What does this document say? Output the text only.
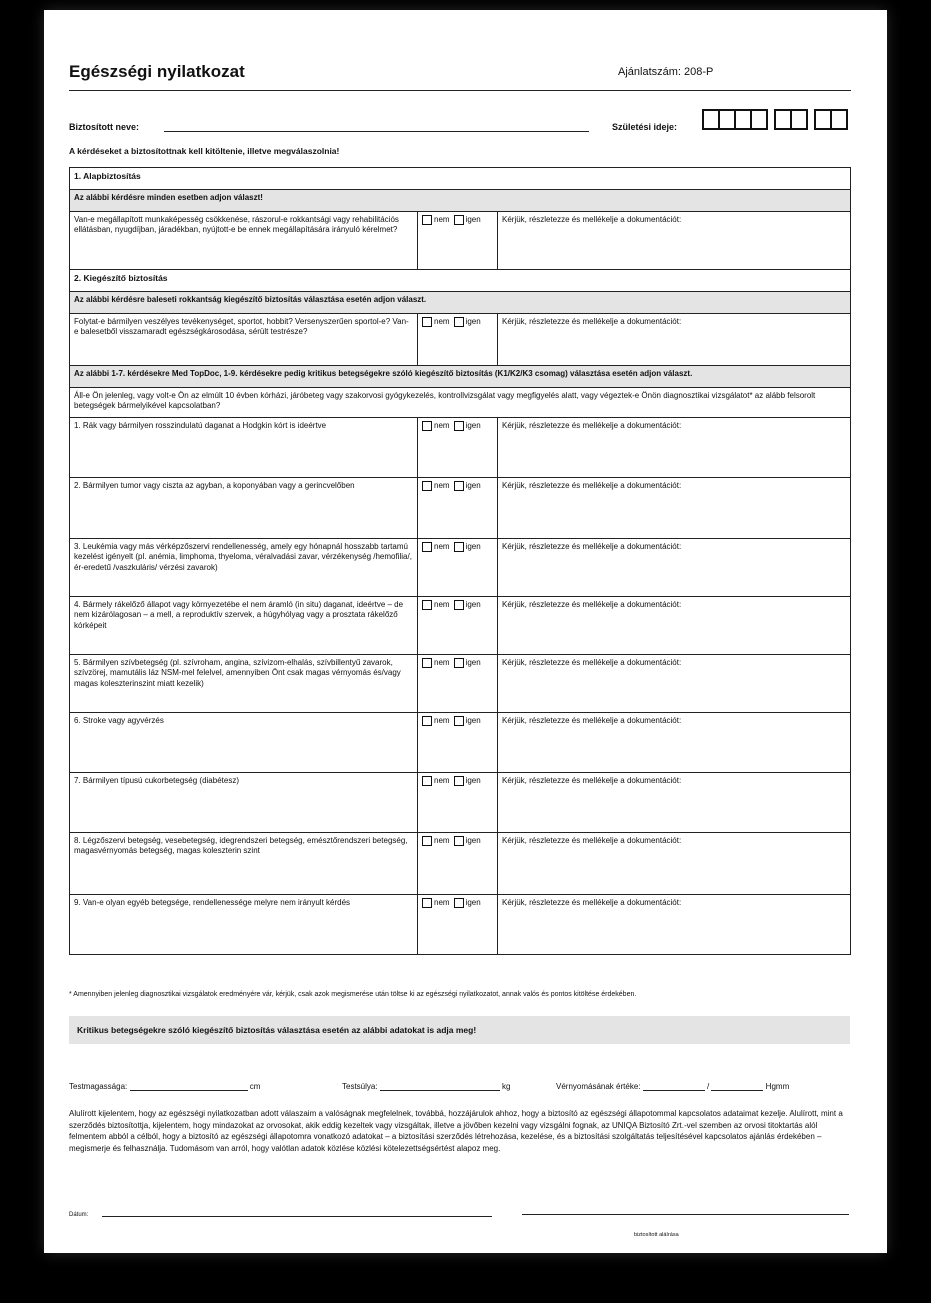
Egészségi nyilatkozat	Ajánlatszám: 208-P
Biztosított neve:	Születési ideje:
A kérdéseket a biztosítottnak kell kitöltenie, illetve megválaszolnia!
1. Alapbiztosítás		
Az alábbi kérdésre minden esetben adjon választ!		
Van-e megállapított munkaképesség csökkenése, rászorul-e rokkantsági vagy rehabilitációs ellátásban, nyugdíjban, járadékban, nyújtott-e be ennek megállapítására irányuló kérelmet?	nem igen	Kérjük, részletezze és mellékelje a dokumentációt:
2. Kiegészítő biztosítás		
Az alábbi kérdésre baleseti rokkantság kiegészítő biztosítás választása esetén adjon választ.		
Folytat-e bármilyen veszélyes tevékenységet, sportot, hobbit? Versenyszerűen sportol-e? Van-e balesetből visszamaradt egészségkárosodása, sérült testrésze?	nem igen	Kérjük, részletezze és mellékelje a dokumentációt:
Az alábbi 1-7. kérdésekre Med TopDoc, 1-9. kérdésekre pedig kritikus betegségekre szóló kiegészítő biztosítás (K1/K2/K3 csomag) választása esetén adjon választ.		
Áll-e Ön jelenleg, vagy volt-e Ön az elmúlt 10 évben kórházi, járóbeteg vagy szakorvosi gyógykezelés, kontrollvizsgálat vagy megfigyelés alatt, vagy végeztek-e Önön diagnosztikai vizsgálatot* az alább felsorolt betegségek bármelyikével kapcsolatban?		
1. Rák vagy bármilyen rosszindulatú daganat a Hodgkin kórt is ideértve	nem igen	Kérjük, részletezze és mellékelje a dokumentációt:
2. Bármilyen tumor vagy ciszta az agyban, a koponyában vagy a gerincvelőben	nem igen	Kérjük, részletezze és mellékelje a dokumentációt:
3. Leukémia vagy más vérképzőszervi rendellenesség, amely egy hónapnál hosszabb tartamú kezelést igényelt (pl. anémia, limphoma, thyeloma, véralvadási zavar, vérzékenység /hemofilia/, ér-eredetű /vaszkuláris/ vérzési zavarok)	nem igen	Kérjük, részletezze és mellékelje a dokumentációt:
4. Bármely rákelőző állapot vagy környezetébe el nem áramló (in situ) daganat, ideértve – de nem kizárólagosan – a mell, a reproduktív szervek, a húgyhólyag vagy a prosztata rákelőző kórképeit	nem igen	Kérjük, részletezze és mellékelje a dokumentációt:
5. Bármilyen szívbetegség (pl. szívroham, angina, szívizom-elhalás, szívbillentyű zavarok, szívzörej, mamutális láz NSM-mel felelvel, amennyiben Önt csak magas vérnyomás és/vagy magas koleszterinszint miatt kezelik)	nem igen	Kérjük, részletezze és mellékelje a dokumentációt:
6. Stroke vagy agyvérzés	nem igen	Kérjük, részletezze és mellékelje a dokumentációt:
7. Bármilyen típusú cukorbetegség (diabétesz)	nem igen	Kérjük, részletezze és mellékelje a dokumentációt:
8. Légzőszervi betegség, vesebetegség, idegrendszeri betegség, emésztőrendszeri betegség, magasvérnyomás betegség, magas koleszterin szint	nem igen	Kérjük, részletezze és mellékelje a dokumentációt:
9. Van-e olyan egyéb betegsége, rendellenessége melyre nem irányult kérdés	nem igen	Kérjük, részletezze és mellékelje a dokumentációt:
* Amennyiben jelenleg diagnosztikai vizsgálatok eredményére vár, kérjük, csak azok megismerése után töltse ki az egészségi nyilatkozatot, annak valós és pontos kitöltése érdekében.
Kritikus betegségekre szóló kiegészítő biztosítás választása esetén az alábbi adatokat is adja meg!
Testmagassága:	cm	Testsúlya:	kg	Vérnyomásának értéke:	/	Hgmm
Alulírott kijelentem, hogy az egészségi nyilatkozatban adott válaszaim a valóságnak megfelelnek, továbbá, hozzájárulok ahhoz, hogy a biztosító az egészségi állapotommal kapcsolatos adataimat kezelje. Alulírott, mint a szerződés biztosítottja, kijelentem, hogy mindazokat az orvosokat, akik eddig kezeltek vagy vizsgáltak, illetve a jövőben kezelni vagy vizsgálni fognak, az UNIQA Biztosító Zrt.-vel szemben az orvosi titoktartás alól felmentem abból a célból, hogy a biztosító az egészségi állapotomra vonatkozó adatokat – a biztosítási szerződés létrehozása, kezelése, és a biztosítási szolgáltatás teljesítésével kapcsolatos ajánlás érdekében – megismerje és felhasználja. Tudomásom van arról, hogy valótlan adatok közlése közlési kötelezettségsértést alapoz meg.
Dátum:
biztosított aláírása
